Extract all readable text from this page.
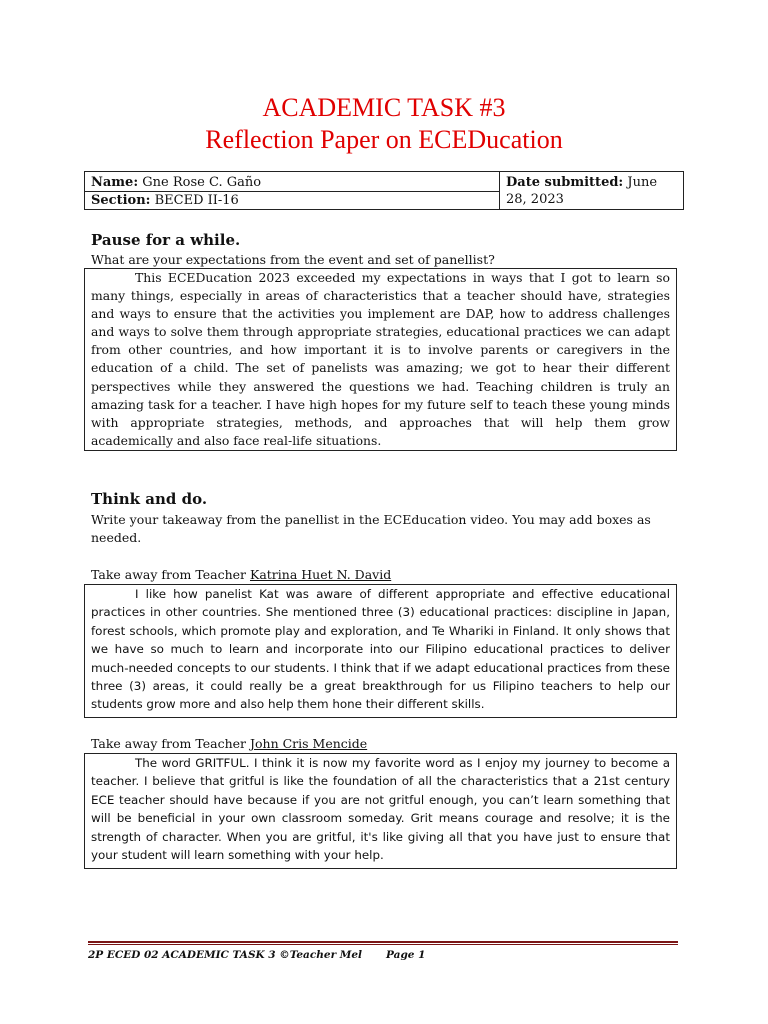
ACADEMIC TASK #3
Reflection Paper on ECEDucation
Name: Gne Rose C. Gaño
Section: BECED II-16
Date submitted: June 28, 2023
Pause for a while.
What are your expectations from the event and set of panellist?
This ECEDucation 2023 exceeded my expectations in ways that I got to learn so many things, especially in areas of characteristics that a teacher should have, strategies and ways to ensure that the activities you implement are DAP, how to address challenges and ways to solve them through appropriate strategies, educational practices we can adapt from other countries, and how important it is to involve parents or caregivers in the education of a child. The set of panelists was amazing; we got to hear their different perspectives while they answered the questions we had. Teaching children is truly an amazing task for a teacher. I have high hopes for my future self to teach these young minds with appropriate strategies, methods, and approaches that will help them grow academically and also face real-life situations.
Think and do.
Write your takeaway from the panellist in the ECEducation video. You may add boxes as needed.
Take away from Teacher Katrina Huet N. David
I like how panelist Kat was aware of different appropriate and effective educational practices in other countries. She mentioned three (3) educational practices: discipline in Japan, forest schools, which promote play and exploration, and Te Whariki in Finland. It only shows that we have so much to learn and incorporate into our Filipino educational practices to deliver much-needed concepts to our students. I think that if we adapt educational practices from these three (3) areas, it could really be a great breakthrough for us Filipino teachers to help our students grow more and also help them hone their different skills.
Take away from Teacher John Cris Mencide
The word GRITFUL. I think it is now my favorite word as I enjoy my journey to become a teacher. I believe that gritful is like the foundation of all the characteristics that a 21st century ECE teacher should have because if you are not gritful enough, you can’t learn something that will be beneficial in your own classroom someday. Grit means courage and resolve; it is the strength of character. When you are gritful, it's like giving all that you have just to ensure that your student will learn something with your help.
2P ECED 02 ACADEMIC TASK 3 ©Teacher Mel Page 1
